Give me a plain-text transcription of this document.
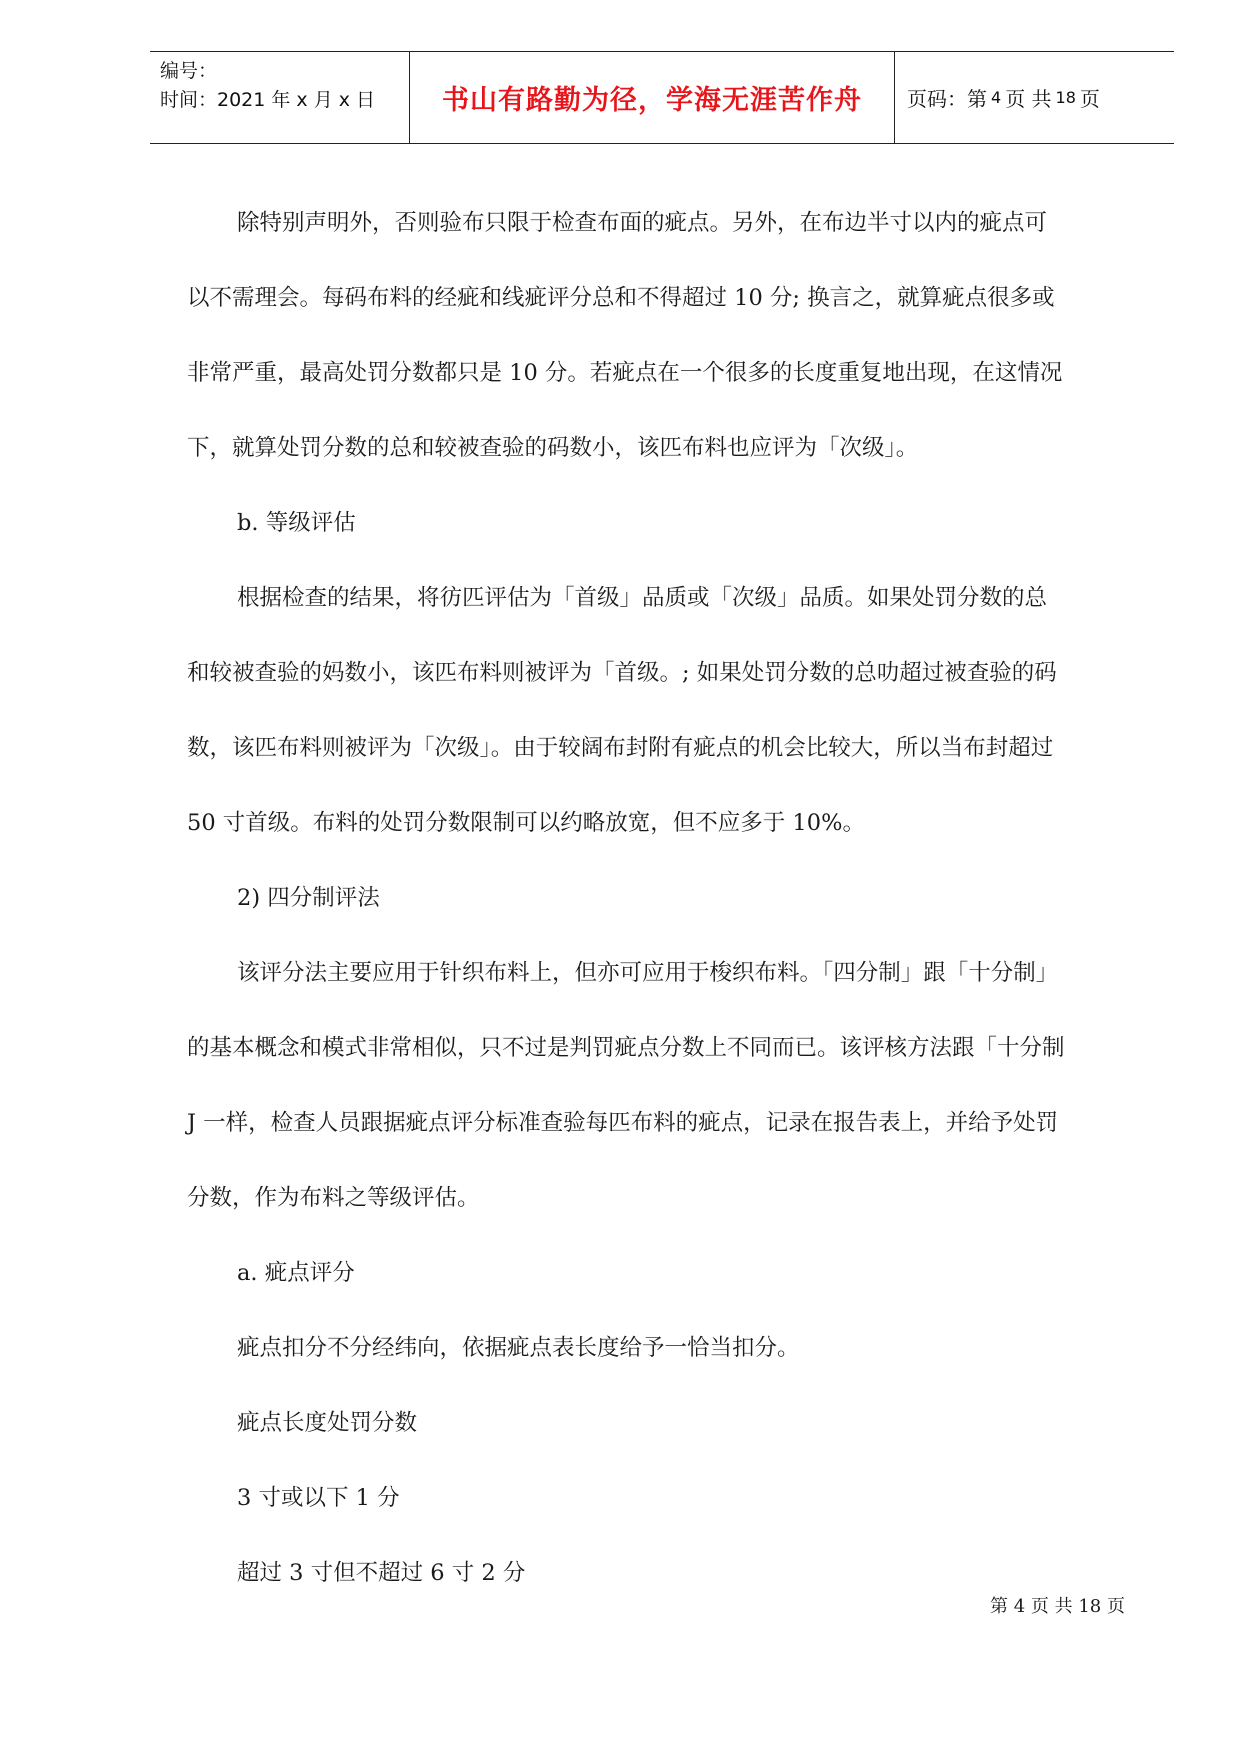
编号：
时间：2021 年 x 月 x 日 书山有路勤为径，学海无涯苦作舟 页码：第 4 页 共 18 页

除特别声明外，否则验布只限于检查布面的疵点。另外，在布边半寸以内的疵点可

以不需理会。每码布料的经疵和线疵评分总和不得超过 10 分; 换言之，就算疵点很多或

非常严重，最高处罚分数都只是 10 分。若疵点在一个很多的长度重复地出现，在这情况

下，就算处罚分数的总和较被查验的码数小，该匹布料也应评为「次级」。

b. 等级评估

根据检查的结果，将彷匹评估为「首级」品质或「次级」品质。如果处罚分数的总

和较被查验的妈数小，该匹布料则被评为「首级。; 如果处罚分数的总叻超过被查验的码

数，该匹布料则被评为「次级」。由于较阔布封附有疵点的机会比较大，所以当布封超过

50 寸首级。布料的处罚分数限制可以约略放宽，但不应多于 10%。

2) 四分制评法

该评分法主要应用于针织布料上，但亦可应用于梭织布料。「四分制」跟「十分制」

的基本概念和模式非常相似，只不过是判罚疵点分数上不同而已。该评核方法跟「十分制

J 一样，检查人员跟据疵点评分标准查验每匹布料的疵点，记录在报告表上，并给予处罚

分数，作为布料之等级评估。

a. 疵点评分

疵点扣分不分经纬向，依据疵点表长度给予一恰当扣分。

疵点长度处罚分数

3 寸或以下 1 分

超过 3 寸但不超过 6 寸 2 分

第 4 页 共 18 页
